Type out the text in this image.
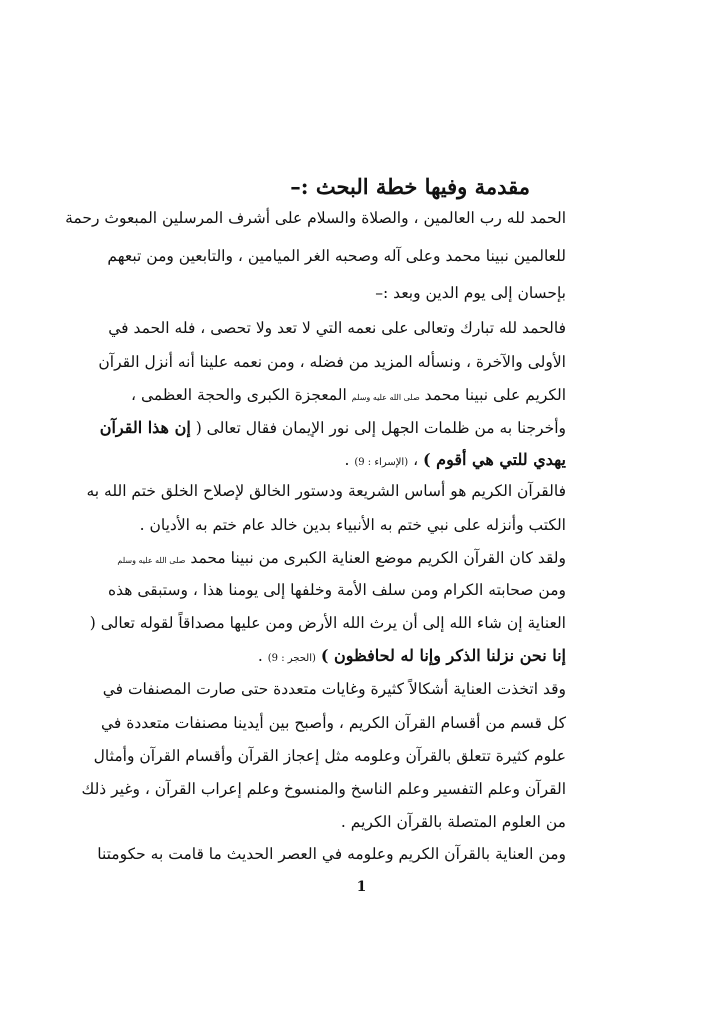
مقدمة وفيها خطة البحث :–
الحمد لله رب العالمين ، والصلاة والسلام على أشرف المرسلين المبعوث رحمة
للعالمين نبينا محمد وعلى آله وصحبه الغر الميامين ، والتابعين ومن تبعهم
بإحسان إلى يوم الدين وبعد :–
فالحمد لله تبارك وتعالى على نعمه التي لا تعد ولا تحصى ، فله الحمد في
الأولى والآخرة ، ونسأله المزيد من فضله ، ومن نعمه علينا أنه أنزل القرآن
الكريم على نبينا محمد صلى الله عليه وسلم المعجزة الكبرى والحجة العظمى ،
وأخرجنا به من ظلمات الجهل إلى نور الإيمان فقال تعالى ( إن هذا القرآن
يهدي للتي هي أقوم ) ، (الإسراء : 9) .
فالقرآن الكريم هو أساس الشريعة ودستور الخالق لإصلاح الخلق ختم الله به
الكتب وأنزله على نبي ختم به الأنبياء بدين خالد عام ختم به الأديان .
ولقد كان القرآن الكريم موضع العناية الكبرى من نبينا محمد صلى الله عليه وسلم
ومن صحابته الكرام ومن سلف الأمة وخلفها إلى يومنا هذا ، وستبقى هذه
العناية إن شاء الله إلى أن يرث الله الأرض ومن عليها مصداقاً لقوله تعالى (
إنا نحن نزلنا الذكر وإنا له لحافظون ) (الحجر : 9) .
وقد اتخذت العناية أشكالاً كثيرة وغايات متعددة حتى صارت المصنفات في
كل قسم من أقسام القرآن الكريم ، وأصبح بين أيدينا مصنفات متعددة في
علوم كثيرة تتعلق بالقرآن وعلومه مثل إعجاز القرآن وأقسام القرآن وأمثال
القرآن وعلم التفسير وعلم الناسخ والمنسوخ وعلم إعراب القرآن ، وغير ذلك
من العلوم المتصلة بالقرآن الكريم .
ومن العناية بالقرآن الكريم وعلومه في العصر الحديث ما قامت به حكومتنا
1
